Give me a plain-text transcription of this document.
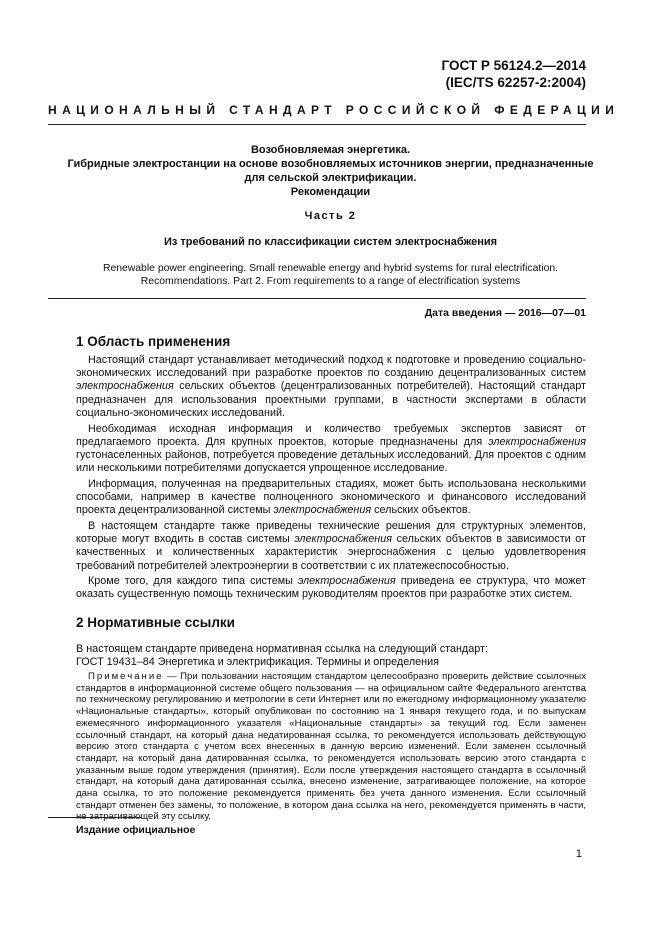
ГОСТ Р 56124.2—2014
(IEC/TS 62257-2:2004)
НАЦИОНАЛЬНЫЙ СТАНДАРТ РОССИЙСКОЙ ФЕДЕРАЦИИ
Возобновляемая энергетика.
Гибридные электростанции на основе возобновляемых источников энергии, предназначенные
для сельской электрификации.
Рекомендации
Часть 2
Из требований по классификации систем электроснабжения
Renewable power engineering. Small renewable energy and hybrid systems for rural electrification. Recommendations. Part 2. From requirements to a range of electrification systems
Дата введения — 2016—07—01
1 Область применения

Настоящий стандарт устанавливает методический подход к подготовке и проведению социально-экономических исследований при разработке проектов по созданию децентрализованных систем электроснабжения сельских объектов (децентрализованных потребителей). Настоящий стандарт предназначен для использования проектными группами, в частности экспертами в области социально-экономических исследований.

Необходимая исходная информация и количество требуемых экспертов зависят от предлагаемого проекта. Для крупных проектов, которые предназначены для электроснабжения густонаселенных районов, потребуется проведение детальных исследований. Для проектов с одним или несколькими потребителями допускается упрощенное исследование.

Информация, полученная на предварительных стадиях, может быть использована несколькими способами, например в качестве полноценного экономического и финансового исследований проекта децентрализованной системы электроснабжения сельских объектов.

В настоящем стандарте также приведены технические решения для структурных элементов, которые могут входить в состав системы электроснабжения сельских объектов в зависимости от качественных и количественных характеристик энергоснабжения с целью удовлетворения требований потребителей электроэнергии в соответствии с их платежеспособностью.

Кроме того, для каждого типа системы электроснабжения приведена ее структура, что может оказать существенную помощь техническим руководителям проектов при разработке этих систем.

2 Нормативные ссылки

В настоящем стандарте приведена нормативная ссылка на следующий стандарт:

ГОСТ 19431–84 Энергетика и электрификация. Термины и определения

Примечание — При пользовании настоящим стандартом целесообразно проверить действие ссылочных стандартов в информационной системе общего пользования — на официальном сайте Федерального агентства по техническому регулированию и метрологии в сети Интернет или по ежегодному информационному указателю «Национальные стандарты», который опубликован по состоянию на 1 января текущего года, и по выпускам ежемесячного информационного указателя «Национальные стандарты» за текущий год. Если заменен ссылочный стандарт, на который дана недатированная ссылка, то рекомендуется использовать действующую версию этого стандарта с учетом всех внесенных в данную версию изменений. Если заменен ссылочный стандарт, на который дана датированная ссылка, то рекомендуется использовать версию этого стандарта с указанным выше годом утверждения (принятия). Если после утверждения настоящего стандарта в ссылочный стандарт, на который дана датированная ссылка, внесено изменение, затрагивающее положение, на которое дана ссылка, то это положение рекомендуется применять без учета данного изменения. Если ссылочный стандарт отменен без замены, то положение, в котором дана ссылка на него, рекомендуется применять в части, не затрагивающей эту ссылку.
Издание официальное
1
